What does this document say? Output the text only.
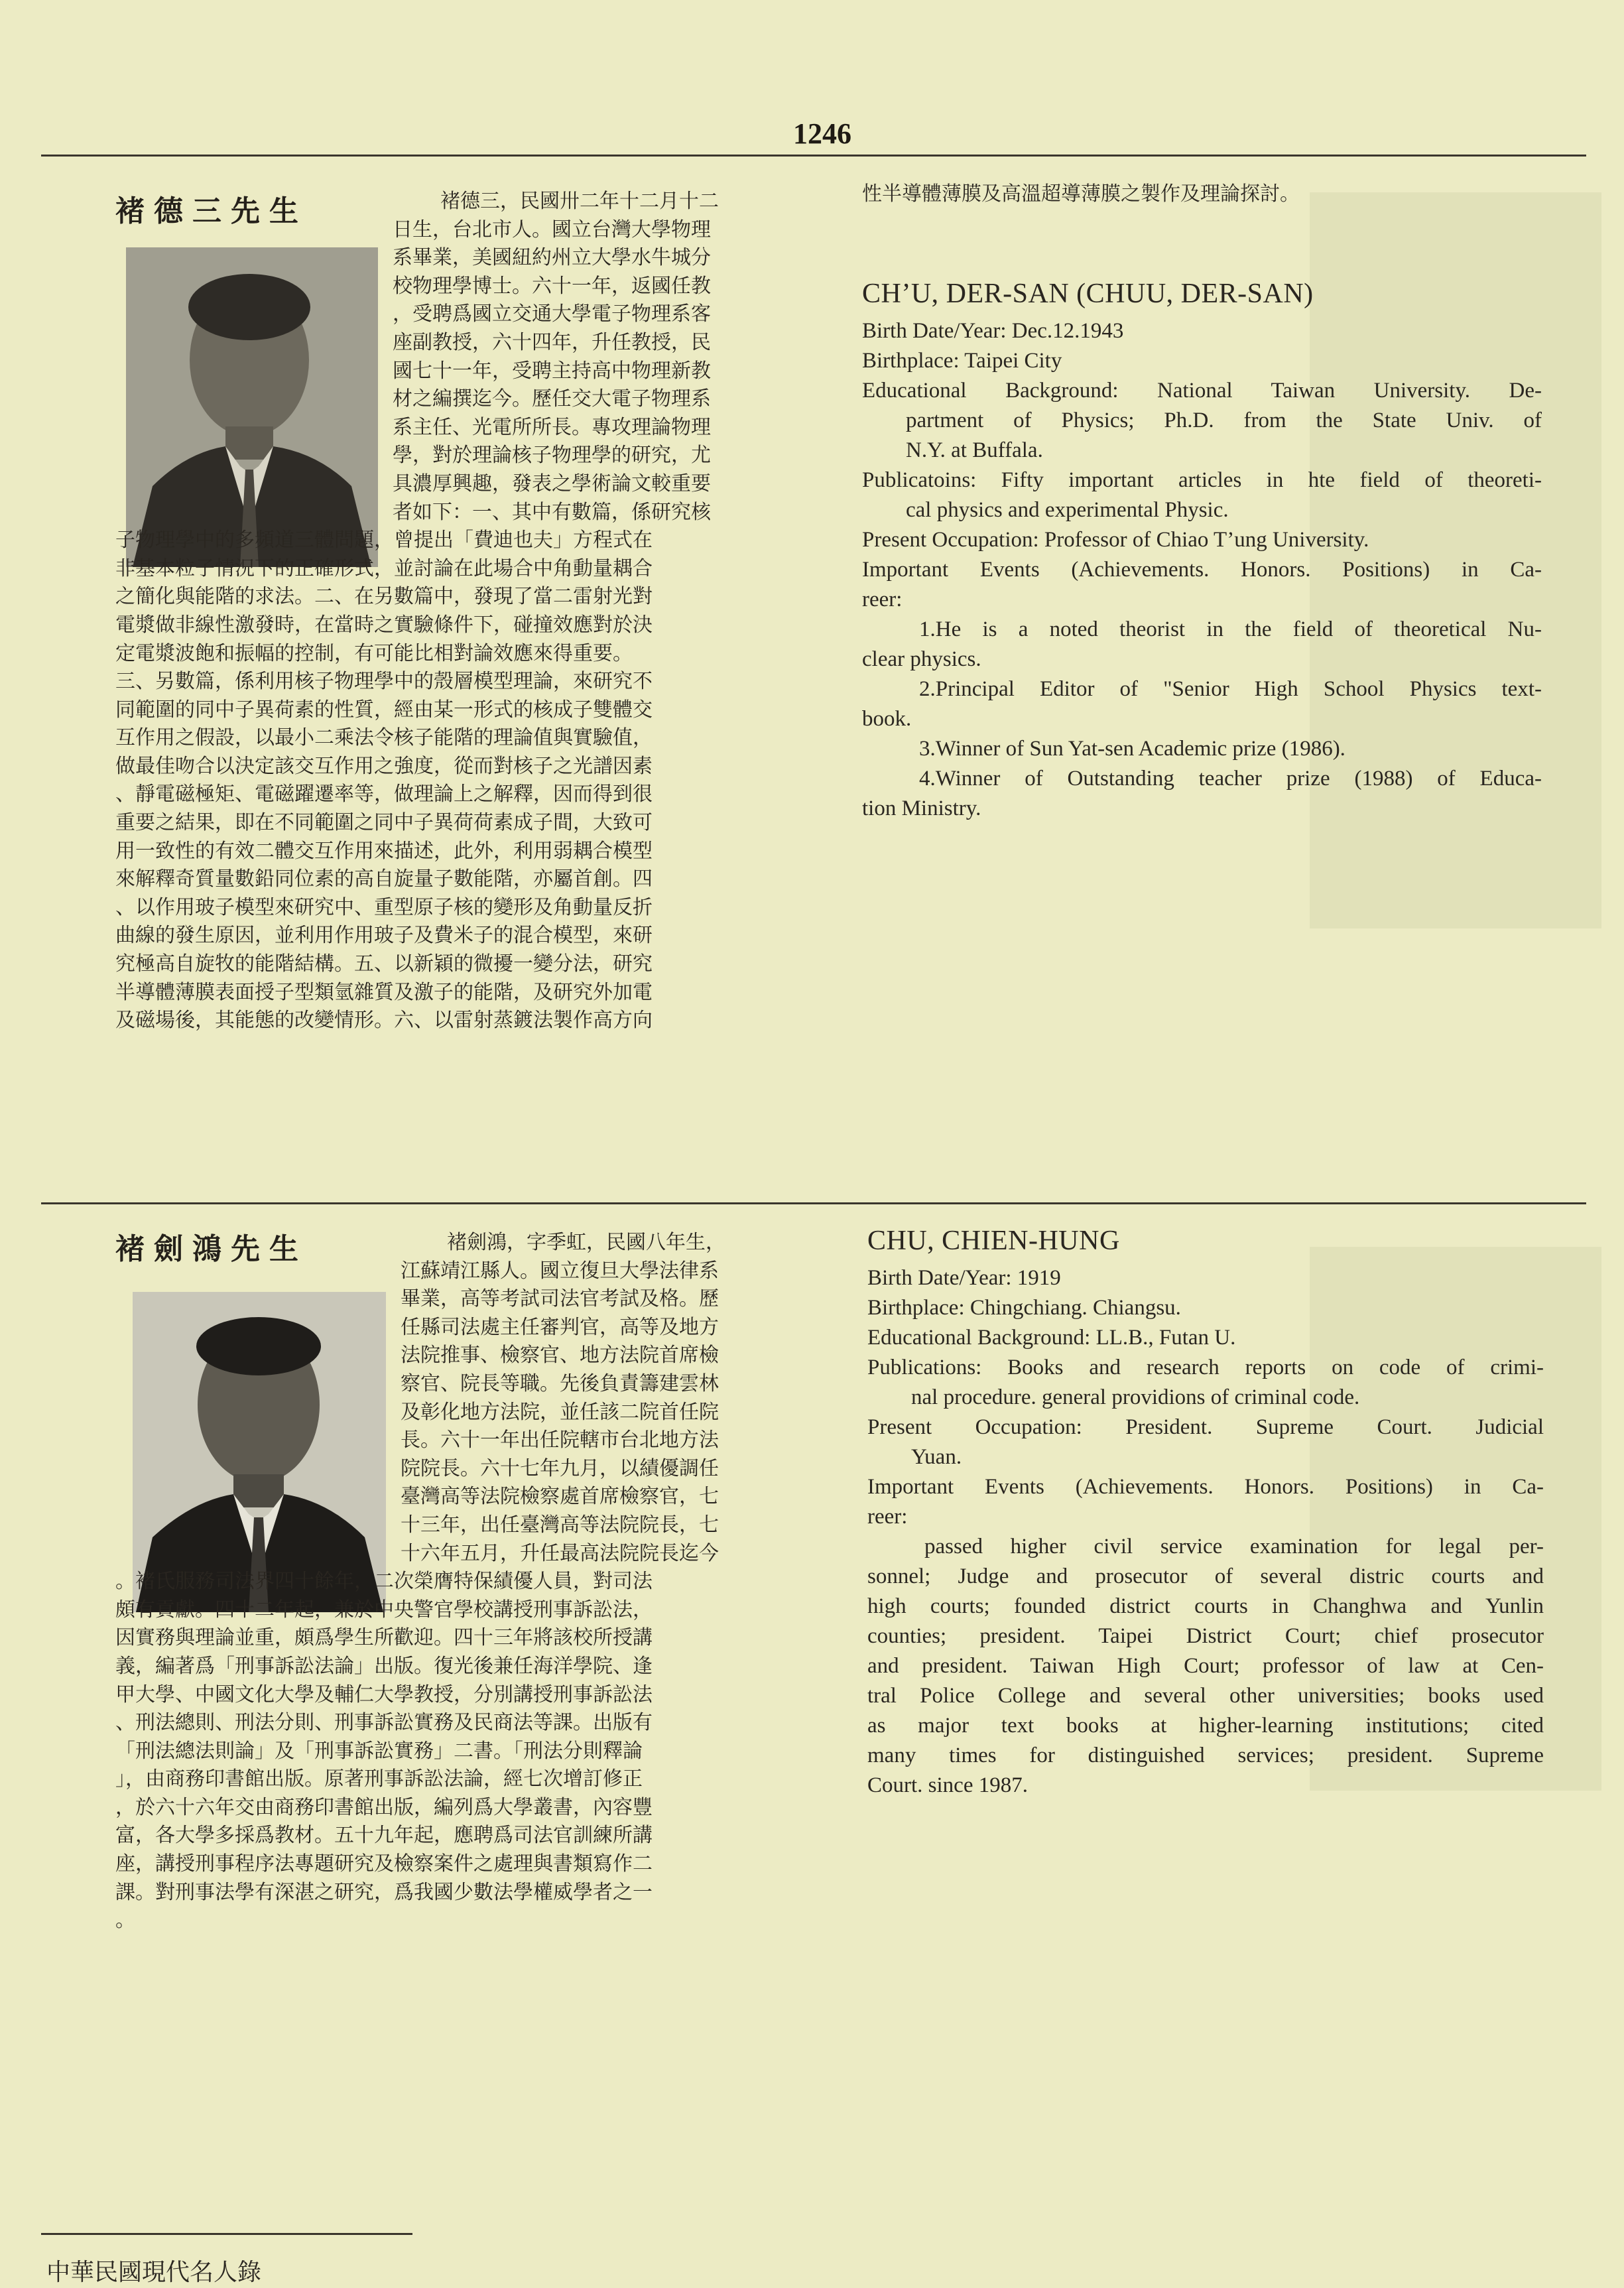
1246
褚德三先生	褚德三，民國卅二年十二月十二
日生，台北市人。國立台灣大學物理
系畢業，美國紐約州立大學水牛城分
校物理學博士。六十一年，返國任教
，受聘爲國立交通大學電子物理系客
座副教授，六十四年，升任教授，民
國七十一年，受聘主持高中物理新教
材之編撰迄今。歷任交大電子物理系
系主任、光電所所長。專攻理論物理
學，對於理論核子物理學的研究，尤
具濃厚興趣，發表之學術論文較重要
者如下：一、其中有數篇，係研究核
子物理學中的多頻道三體問題，曾提出「費迪也夫」方程式在
非基本粒子情況下的正確形式，並討論在此場合中角動量耦合
之簡化與能階的求法。二、在另數篇中，發現了當二雷射光對
電漿做非線性激發時，在當時之實驗條件下，碰撞效應對於決
定電漿波飽和振幅的控制，有可能比相對論效應來得重要。
三、另數篇，係利用核子物理學中的殼層模型理論，來研究不
同範圍的同中子異荷素的性質，經由某一形式的核成子雙體交
互作用之假設，以最小二乘法令核子能階的理論值與實驗值，
做最佳吻合以決定該交互作用之強度，從而對核子之光譜因素
、靜電磁極矩、電磁躍遷率等，做理論上之解釋，因而得到很
重要之結果，即在不同範圍之同中子異荷荷素成子間，大致可
用一致性的有效二體交互作用來描述，此外，利用弱耦合模型
來解釋奇質量數鉛同位素的高自旋量子數能階，亦屬首創。四
、以作用玻子模型來研究中、重型原子核的變形及角動量反折
曲線的發生原因，並利用作用玻子及費米子的混合模型，來研
究極高自旋牧的能階結構。五、以新穎的微擾一變分法，研究
半導體薄膜表面授子型類氫雜質及激子的能階，及研究外加電
及磁場後，其能態的改變情形。六、以雷射蒸鍍法製作高方向
性半導體薄膜及高溫超導薄膜之製作及理論探討。
CH’U, DER-SAN (CHUU, DER-SAN)
Birth Date/Year: Dec.12.1943
Birthplace: Taipei City
Educational Background: National Taiwan University. De-
partment of Physics; Ph.D. from the State Univ. of
N.Y. at Buffala.
Publicatoins: Fifty important articles in hte field of theoreti-
cal physics and experimental Physic.
Present Occupation: Professor of Chiao T’ung University.
Important Events (Achievements. Honors. Positions) in Ca-
reer:
1.He is a noted theorist in the field of theoretical Nu-
clear physics.
2.Principal Editor of "Senior High School Physics text-
book.
3.Winner of Sun Yat-sen Academic prize (1986).
4.Winner of Outstanding teacher prize (1988) of Educa-
tion Ministry.
褚劍鴻先生	褚劍鴻，字季虹，民國八年生，
江蘇靖江縣人。國立復旦大學法律系
畢業，高等考試司法官考試及格。歷
任縣司法處主任審判官，高等及地方
法院推事、檢察官、地方法院首席檢
察官、院長等職。先後負責籌建雲林
及彰化地方法院，並任該二院首任院
長。六十一年出任院轄市台北地方法
院院長。六十七年九月，以績優調任
臺灣高等法院檢察處首席檢察官，七
十三年，出任臺灣高等法院院長，七
十六年五月，升任最高法院院長迄今
。褚氏服務司法界四十餘年，二次榮膺特保績優人員，對司法
頗有貢獻。四十二年起，兼於中央警官學校講授刑事訴訟法，
因實務與理論並重，頗爲學生所歡迎。四十三年將該校所授講
義，編著爲「刑事訴訟法論」出版。復光後兼任海洋學院、逢
甲大學、中國文化大學及輔仁大學教授，分別講授刑事訴訟法
、刑法總則、刑法分則、刑事訴訟實務及民商法等課。出版有
「刑法總法則論」及「刑事訴訟實務」二書。「刑法分則釋論
」，由商務印書館出版。原著刑事訴訟法論，經七次增訂修正
，於六十六年交由商務印書館出版，編列爲大學叢書，內容豐
富，各大學多採爲教材。五十九年起，應聘爲司法官訓練所講
座，講授刑事程序法專題研究及檢察案件之處理與書類寫作二
課。對刑事法學有深湛之研究，爲我國少數法學權威學者之一
。
CHU, CHIEN-HUNG
Birth Date/Year: 1919
Birthplace: Chingchiang. Chiangsu.
Educational Background: LL.B., Futan U.
Publications: Books and research reports on code of crimi-
nal procedure. general providions of criminal code.
Present Occupation: President. Supreme Court. Judicial
Yuan.
Important Events (Achievements. Honors. Positions) in Ca-
reer:
passed higher civil service examination for legal per-
sonnel; Judge and prosecutor of several distric courts and
high courts; founded district courts in Changhwa and Yunlin
counties; president. Taipei District Court; chief prosecutor
and president. Taiwan High Court; professor of law at Cen-
tral Police College and several other universities; books used
as major text books at higher-learning institutions; cited
many times for distinguished services; president. Supreme
Court. since 1987.
中華民國現代名人錄
